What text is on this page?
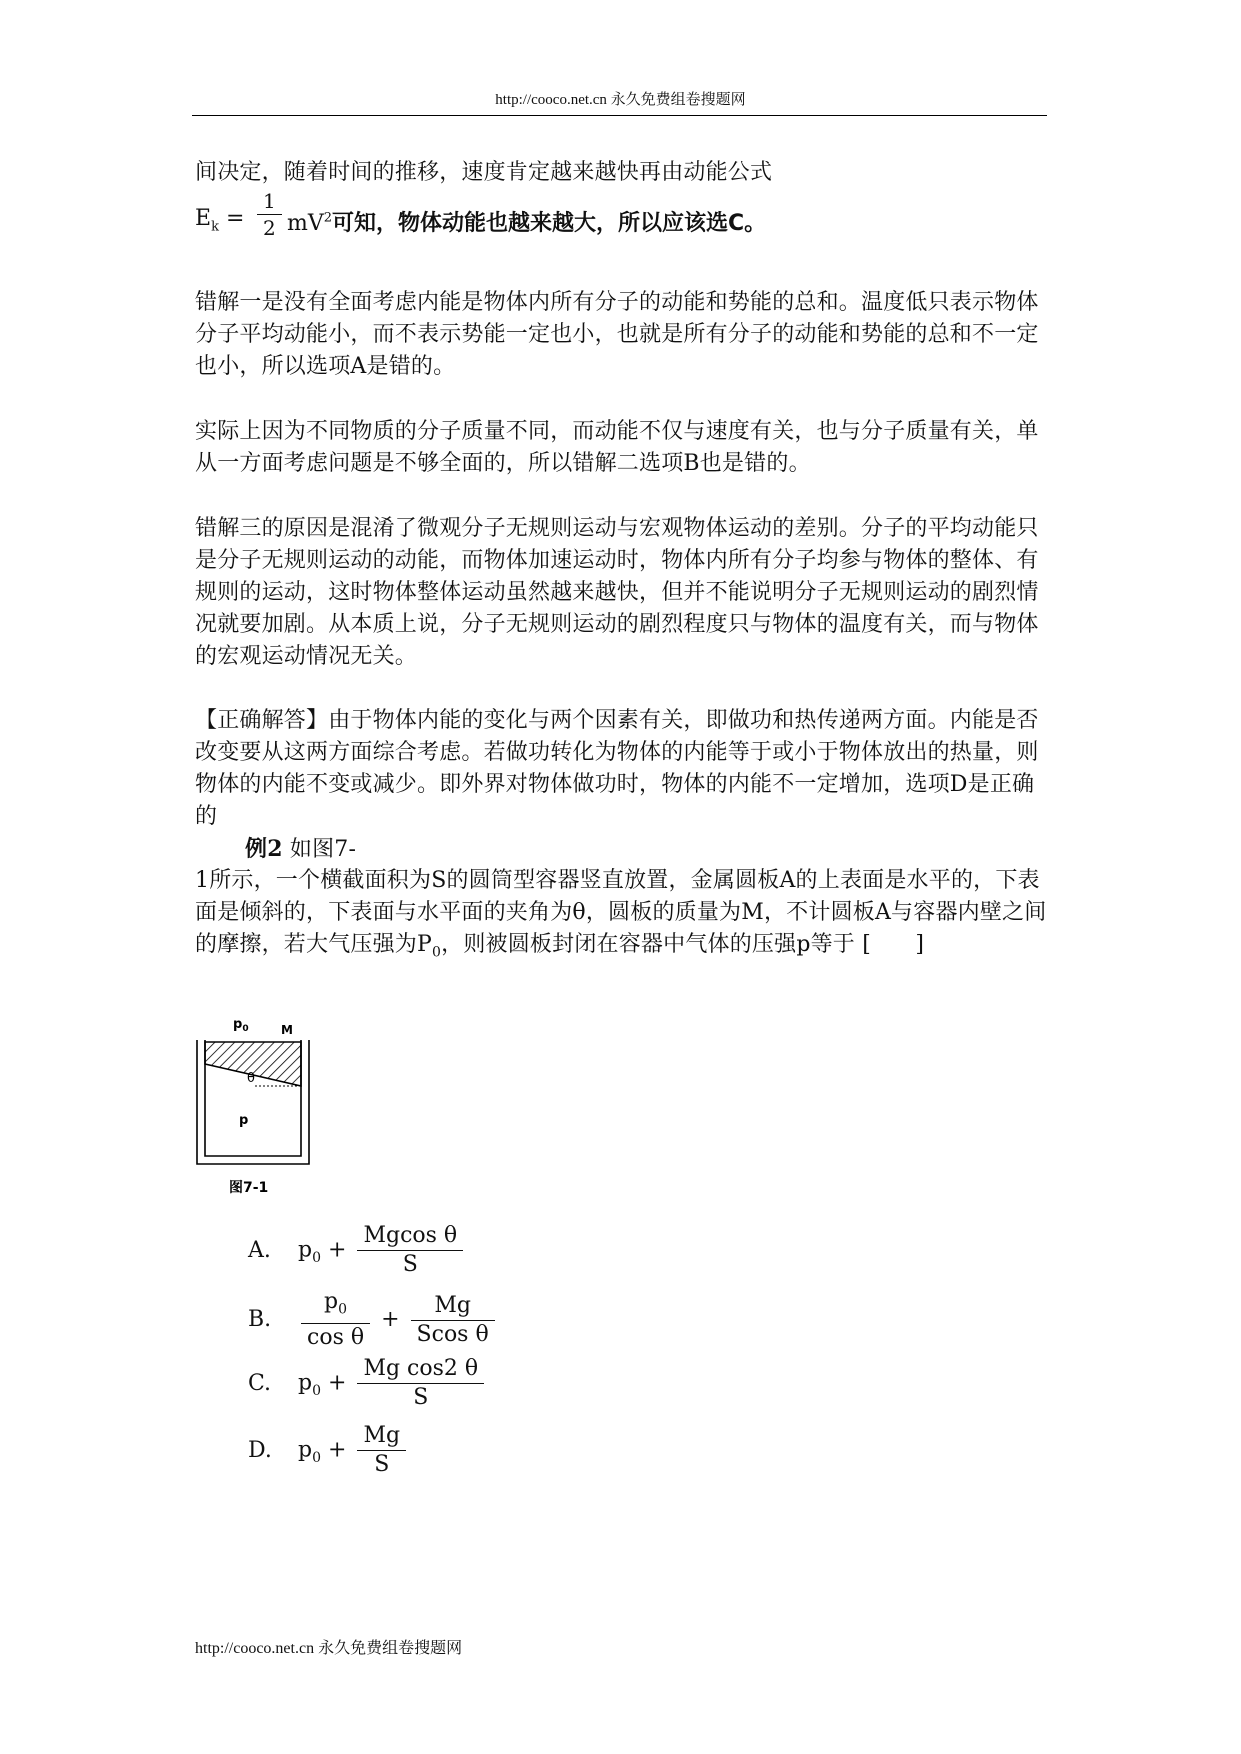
http://cooco.net.cn 永久免费组卷搜题网
间决定，随着时间的推移，速度肯定越来越快再由动能公式
$E_k = \frac{1}{2} mV^2$可知，物体动能也越来越大，所以应该选C。
错解一是没有全面考虑内能是物体内所有分子的动能和势能的总和。温度低只表示物体分子平均动能小，而不表示势能一定也小，也就是所有分子的动能和势能的总和不一定也小，所以选项A是错的。
实际上因为不同物质的分子质量不同，而动能不仅与速度有关，也与分子质量有关，单从一方面考虑问题是不够全面的，所以错解二选项B也是错的。
错解三的原因是混淆了微观分子无规则运动与宏观物体运动的差别。分子的平均动能只是分子无规则运动的动能，而物体加速运动时，物体内所有分子均参与物体的整体、有规则的运动，这时物体整体运动虽然越来越快，但并不能说明分子无规则运动的剧烈情况就要加剧。从本质上说，分子无规则运动的剧烈程度只与物体的温度有关，而与物体的宏观运动情况无关。
【正确解答】由于物体内能的变化与两个因素有关，即做功和热传递两方面。内能是否改变要从这两方面综合考虑。若做功转化为物体的内能等于或小于物体放出的热量，则物体的内能不变或减少。即外界对物体做功时，物体的内能不一定增加，选项D是正确的
例2 如图7-
1所示，一个横截面积为S的圆筒型容器竖直放置，金属圆板A的上表面是水平的，下表面是倾斜的，下表面与水平面的夹角为θ，圆板的质量为M，不计圆板A与容器内壁之间的摩擦，若大气压强为$P_0$，则被圆板封闭在容器中气体的压强p等于 [　　]
$p_0$	M
θ
p
图7-1
A. $p_0 + \frac{\text{Mgcos θ}}{S}$
B. $\frac{p_0}{\text{cos θ}} + \frac{Mg}{\text{Scos θ}}$
C. $p_0 + \frac{\text{Mg cos2 θ}}{S}$
D. $p_0 + \frac{Mg}{S}$
http://cooco.net.cn 永久免费组卷搜题网
